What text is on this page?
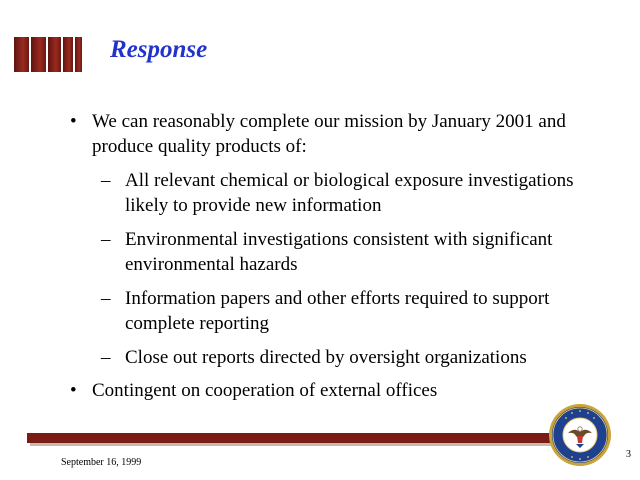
Response
• We can reasonably complete our mission by January 2001 and produce quality products of:
– All relevant chemical or biological exposure investigations likely to provide new information
– Environmental investigations consistent with significant environmental hazards
– Information papers and other efforts required to support complete reporting
– Close out reports directed by oversight organizations
• Contingent on cooperation of external offices
September 16, 1999
3
